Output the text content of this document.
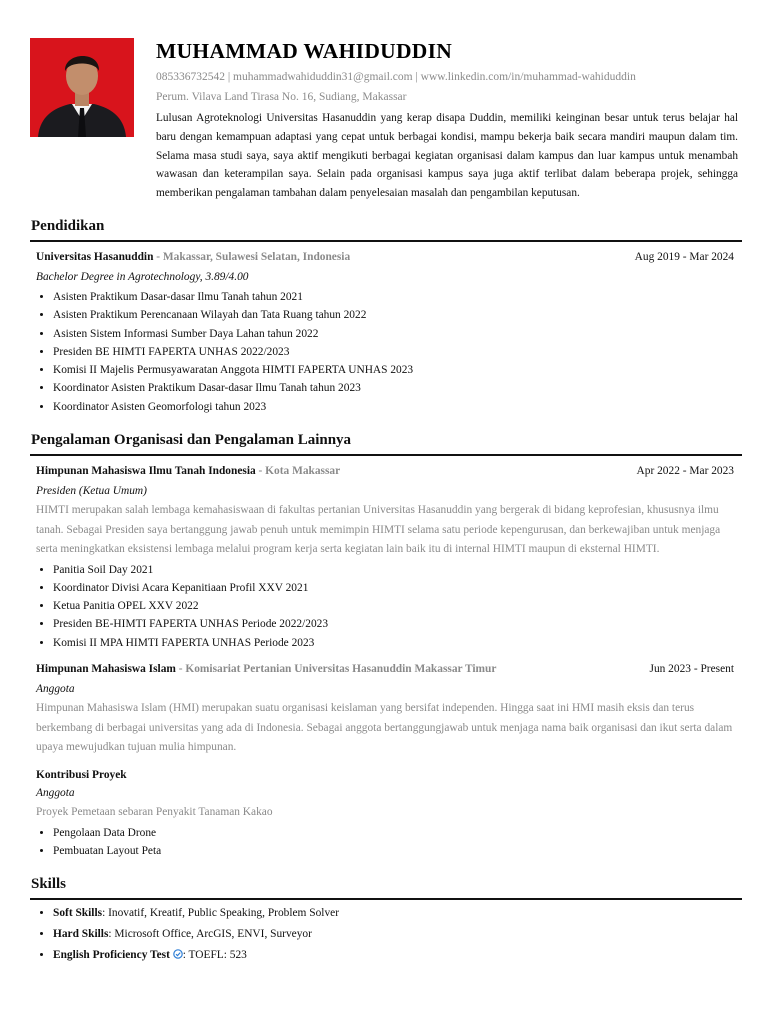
MUHAMMAD WAHIDUDDIN
085336732542 | muhammadwahiduddin31@gmail.com | www.linkedin.com/in/muhammad-wahiduddin
Perum. Vilava Land Tirasa No. 16, Sudiang, Makassar
Lulusan Agroteknologi Universitas Hasanuddin yang kerap disapa Duddin, memiliki keinginan besar untuk terus belajar hal baru dengan kemampuan adaptasi yang cepat untuk berbagai kondisi, mampu bekerja baik secara mandiri maupun dalam tim. Selama masa studi saya, saya aktif mengikuti berbagai kegiatan organisasi dalam kampus dan luar kampus untuk menambah wawasan dan keterampilan saya. Selain pada organisasi kampus saya juga aktif terlibat dalam beberapa projek, sehingga memberikan pengalaman tambahan dalam penyelesaian masalah dan pengambilan keputusan.
Pendidikan
Universitas Hasanuddin - Makassar, Sulawesi Selatan, Indonesia	Aug 2019 - Mar 2024
Bachelor Degree in Agrotechnology, 3.89/4.00
• Asisten Praktikum Dasar-dasar Ilmu Tanah tahun 2021
• Asisten Praktikum Perencanaan Wilayah dan Tata Ruang tahun 2022
• Asisten Sistem Informasi Sumber Daya Lahan tahun 2022
• Presiden BE HIMTI FAPERTA UNHAS 2022/2023
• Komisi II Majelis Permusyawaratan Anggota HIMTI FAPERTA UNHAS 2023
• Koordinator Asisten Praktikum Dasar-dasar Ilmu Tanah tahun 2023
• Koordinator Asisten Geomorfologi tahun 2023
Pengalaman Organisasi dan Pengalaman Lainnya
Himpunan Mahasiswa Ilmu Tanah Indonesia - Kota Makassar	Apr 2022 - Mar 2023
Presiden (Ketua Umum)
HIMTI merupakan salah lembaga kemahasiswaan di fakultas pertanian Universitas Hasanuddin yang bergerak di bidang keprofesian, khususnya ilmu tanah. Sebagai Presiden saya bertanggung jawab penuh untuk memimpin HIMTI selama satu periode kepengurusan, dan berkewajiban untuk menjaga serta meningkatkan eksistensi lembaga melalui program kerja serta kegiatan lain baik itu di internal HIMTI maupun di eksternal HIMTI.
• Panitia Soil Day 2021
• Koordinator Divisi Acara Kepanitiaan Profil XXV 2021
• Ketua Panitia OPEL XXV 2022
• Presiden BE-HIMTI FAPERTA UNHAS Periode 2022/2023
• Komisi II MPA HIMTI FAPERTA UNHAS Periode 2023
Himpunan Mahasiswa Islam - Komisariat Pertanian Universitas Hasanuddin Makassar Timur	Jun 2023 - Present
Anggota
Himpunan Mahasiswa Islam (HMI) merupakan suatu organisasi keislaman yang bersifat independen. Hingga saat ini HMI masih eksis dan terus berkembang di berbagai universitas yang ada di Indonesia. Sebagai anggota bertanggungjawab untuk menjaga nama baik organisasi dan ikut serta dalam upaya mewujudkan tujuan mulia himpunan.
Kontribusi Proyek
Anggota
Proyek Pemetaan sebaran Penyakit Tanaman Kakao
• Pengolaan Data Drone
• Pembuatan Layout Peta
Skills
• Soft Skills: Inovatif, Kreatif, Public Speaking, Problem Solver
• Hard Skills: Microsoft Office, ArcGIS, ENVI, Surveyor
• English Proficiency Test : TOEFL: 523
